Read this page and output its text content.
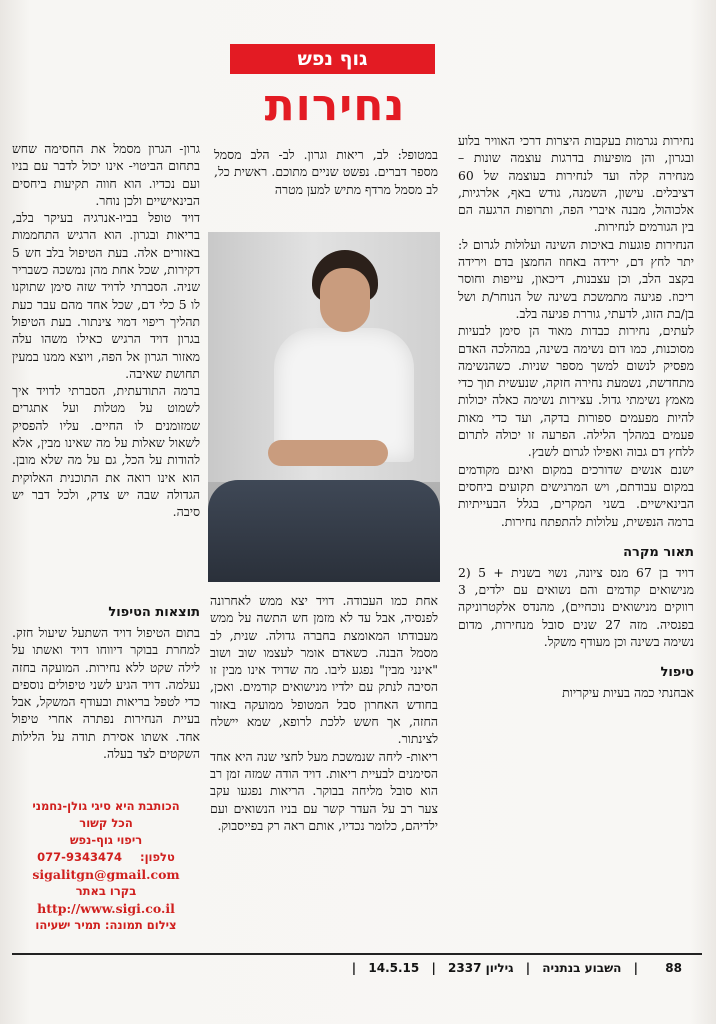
גוף נפש
נחירות

נחירות נגרמות בעקבות היצרות דרכי האוויר בלוע ובגרון, והן מופיעות בדרגות עוצמה שונות – מנחירה קלה ועד לנחירות בעוצמה של 60 דציבלים. עישון, השמנה, גודש באף, אלרגיות, אלכוהול, מבנה איברי הפה, ותרופות הרגעה הם בין הגורמים לנחירות.

הנחירות פוגעות באיכות השינה ועלולות לגרום ל: יתר לחץ דם, ירידה באחוז החמצן בדם וירידה בקצב הלב, וכן עצבנות, דיכאון, עייפות וחוסר ריכוז. פגיעה מתמשכת בשינה של הנוחר/ת ושל בן/בת הזוג, לדעתי, גוררת פגיעה בלב.

לעתים, נחירות כבדות מאוד הן סימן לבעיות מסוכנות, כמו דום נשימה בשינה, במהלכה האדם מפסיק לנשום למשך מספר שניות. כשהנשימה מתחדשת, נשמעת נחירה חזקה, שנעשית תוך כדי מאמץ נשימתי גדול. עצירות נשימה כאלה יכולות להיות מפעמים ספורות בדקה, ועד כדי מאות פעמים במהלך הלילה. הפרעה זו יכולה לתרום ללחץ דם גבוה ואפילו לגרום לשבץ.

ישנם אנשים שדורכים במקום ואינם מקודמים במקום עבודתם, ויש המרגישים תקועים ביחסים הבינאישיים. בשני המקרים, בגלל הבעייתיות ברמה הנפשית, עלולות להתפתח נחירות.

תאור מקרה

דויד בן 67 מנס ציונה, נשוי בשנית + 5 (2 מנישואים קודמים והם נשואים עם ילדים, 3 רווקים מנישואים נוכחיים), מהנדס אלקטרוניקה בפנסיה. מזה 27 שנים סובל מנחירות, מדום נשימה בשינה וכן מעודף משקל.

טיפול

אבחנתי כמה בעיות עיקריות

במטופל: לב, ריאות וגרון. לב- הלב מסמל מספר דברים. נפשט שניים מתוכם. ראשית כל, לב מסמל מרדף מתיש למען מטרה

אחת כמו העבודה. דויד יצא ממש לאחרונה לפנסיה, אבל עד לא מזמן חש התשה על ממש מעבודתו המאומצת בחברה גדולה. שנית, לב מסמל הבנה. כשאדם אומר לעצמו שוב ושוב "אינני מבין" נפגע ליבו. מה שדויד אינו מבין זו הסיבה לנתק עם ילדיו מנישואים קודמים. ואכן, בחודש האחרון סבל המטופל ממועקה באזור החזה, אך חשש ללכת לרופא, שמא יישלח לצינתור.

ריאות- ליחה שנמשכת מעל לחצי שנה היא אחד הסימנים לבעיית ריאות. דויד הודה שמזה זמן רב הוא סובל מליחה בבוקר. הריאות נפגעו עקב צער רב על העדר קשר עם בניו הנשואים ועם ילדיהם, כלומר נכדיו, אותם ראה רק בפייסבוק.

גרון- הגרון מסמל את החסימה שחש בתחום הביטוי- אינו יכול לדבר עם בניו ועם נכדיו. הוא חווה תקיעות ביחסים הבינאישיים ולכן נוחר.

דויד טופל בביו-אנרגיה בעיקר בלב, בריאות ובגרון. הוא הרגיש התחממות באזורים אלה. בעת הטיפול בלב חש 5 דקירות, שכל אחת מהן נמשכה כשבריר שניה. הסברתי לדויד שזה סימן שתוקנו לו 5 כלי דם, שכל אחד מהם עבר כעת תהליך ריפוי דמוי צינתור. בעת הטיפול בגרון דויד הרגיש כאילו משהו עלה מאזור הגרון אל הפה, ויוצא ממנו במעין תחושת שאיבה.

ברמה התודעתית, הסברתי לדויד איך לשמוט על מטלות ועל אתגרים שמזומנים לו החיים. עליו להפסיק לשאול שאלות על מה שאינו מבין, אלא להודות על הכל, גם על מה שלא מובן. הוא אינו רואה את התוכנית האלוקית הגדולה שבה יש צדק, ולכל דבר יש סיבה.

תוצאות הטיפול

בתום הטיפול דויד השתעל שיעול חזק. למחרת בבוקר דיווחו דויד ואשתו על לילה שקט ללא נחירות. המועקה בחזה נעלמה. דויד הגיע לשני טיפולים נוספים כדי לטפל בריאות ובעודף המשקל, אבל בעיית הנחירות נפתרה אחרי טיפול אחד. אשתו אסירת תודה על הלילות השקטים לצד בעלה.

הכותבת היא סיגי גולן-נחמני
הכל קשור
ריפוי גוף-נפש
טלפון: 077-9343474
sigalitgn@gmail.com
בקרו באתר
http://www.sigi.co.il
צילום תמונה: תמיר ישעיהו
88
| השבוע בנתניה | גיליון 2337 | 14.5.15 |
